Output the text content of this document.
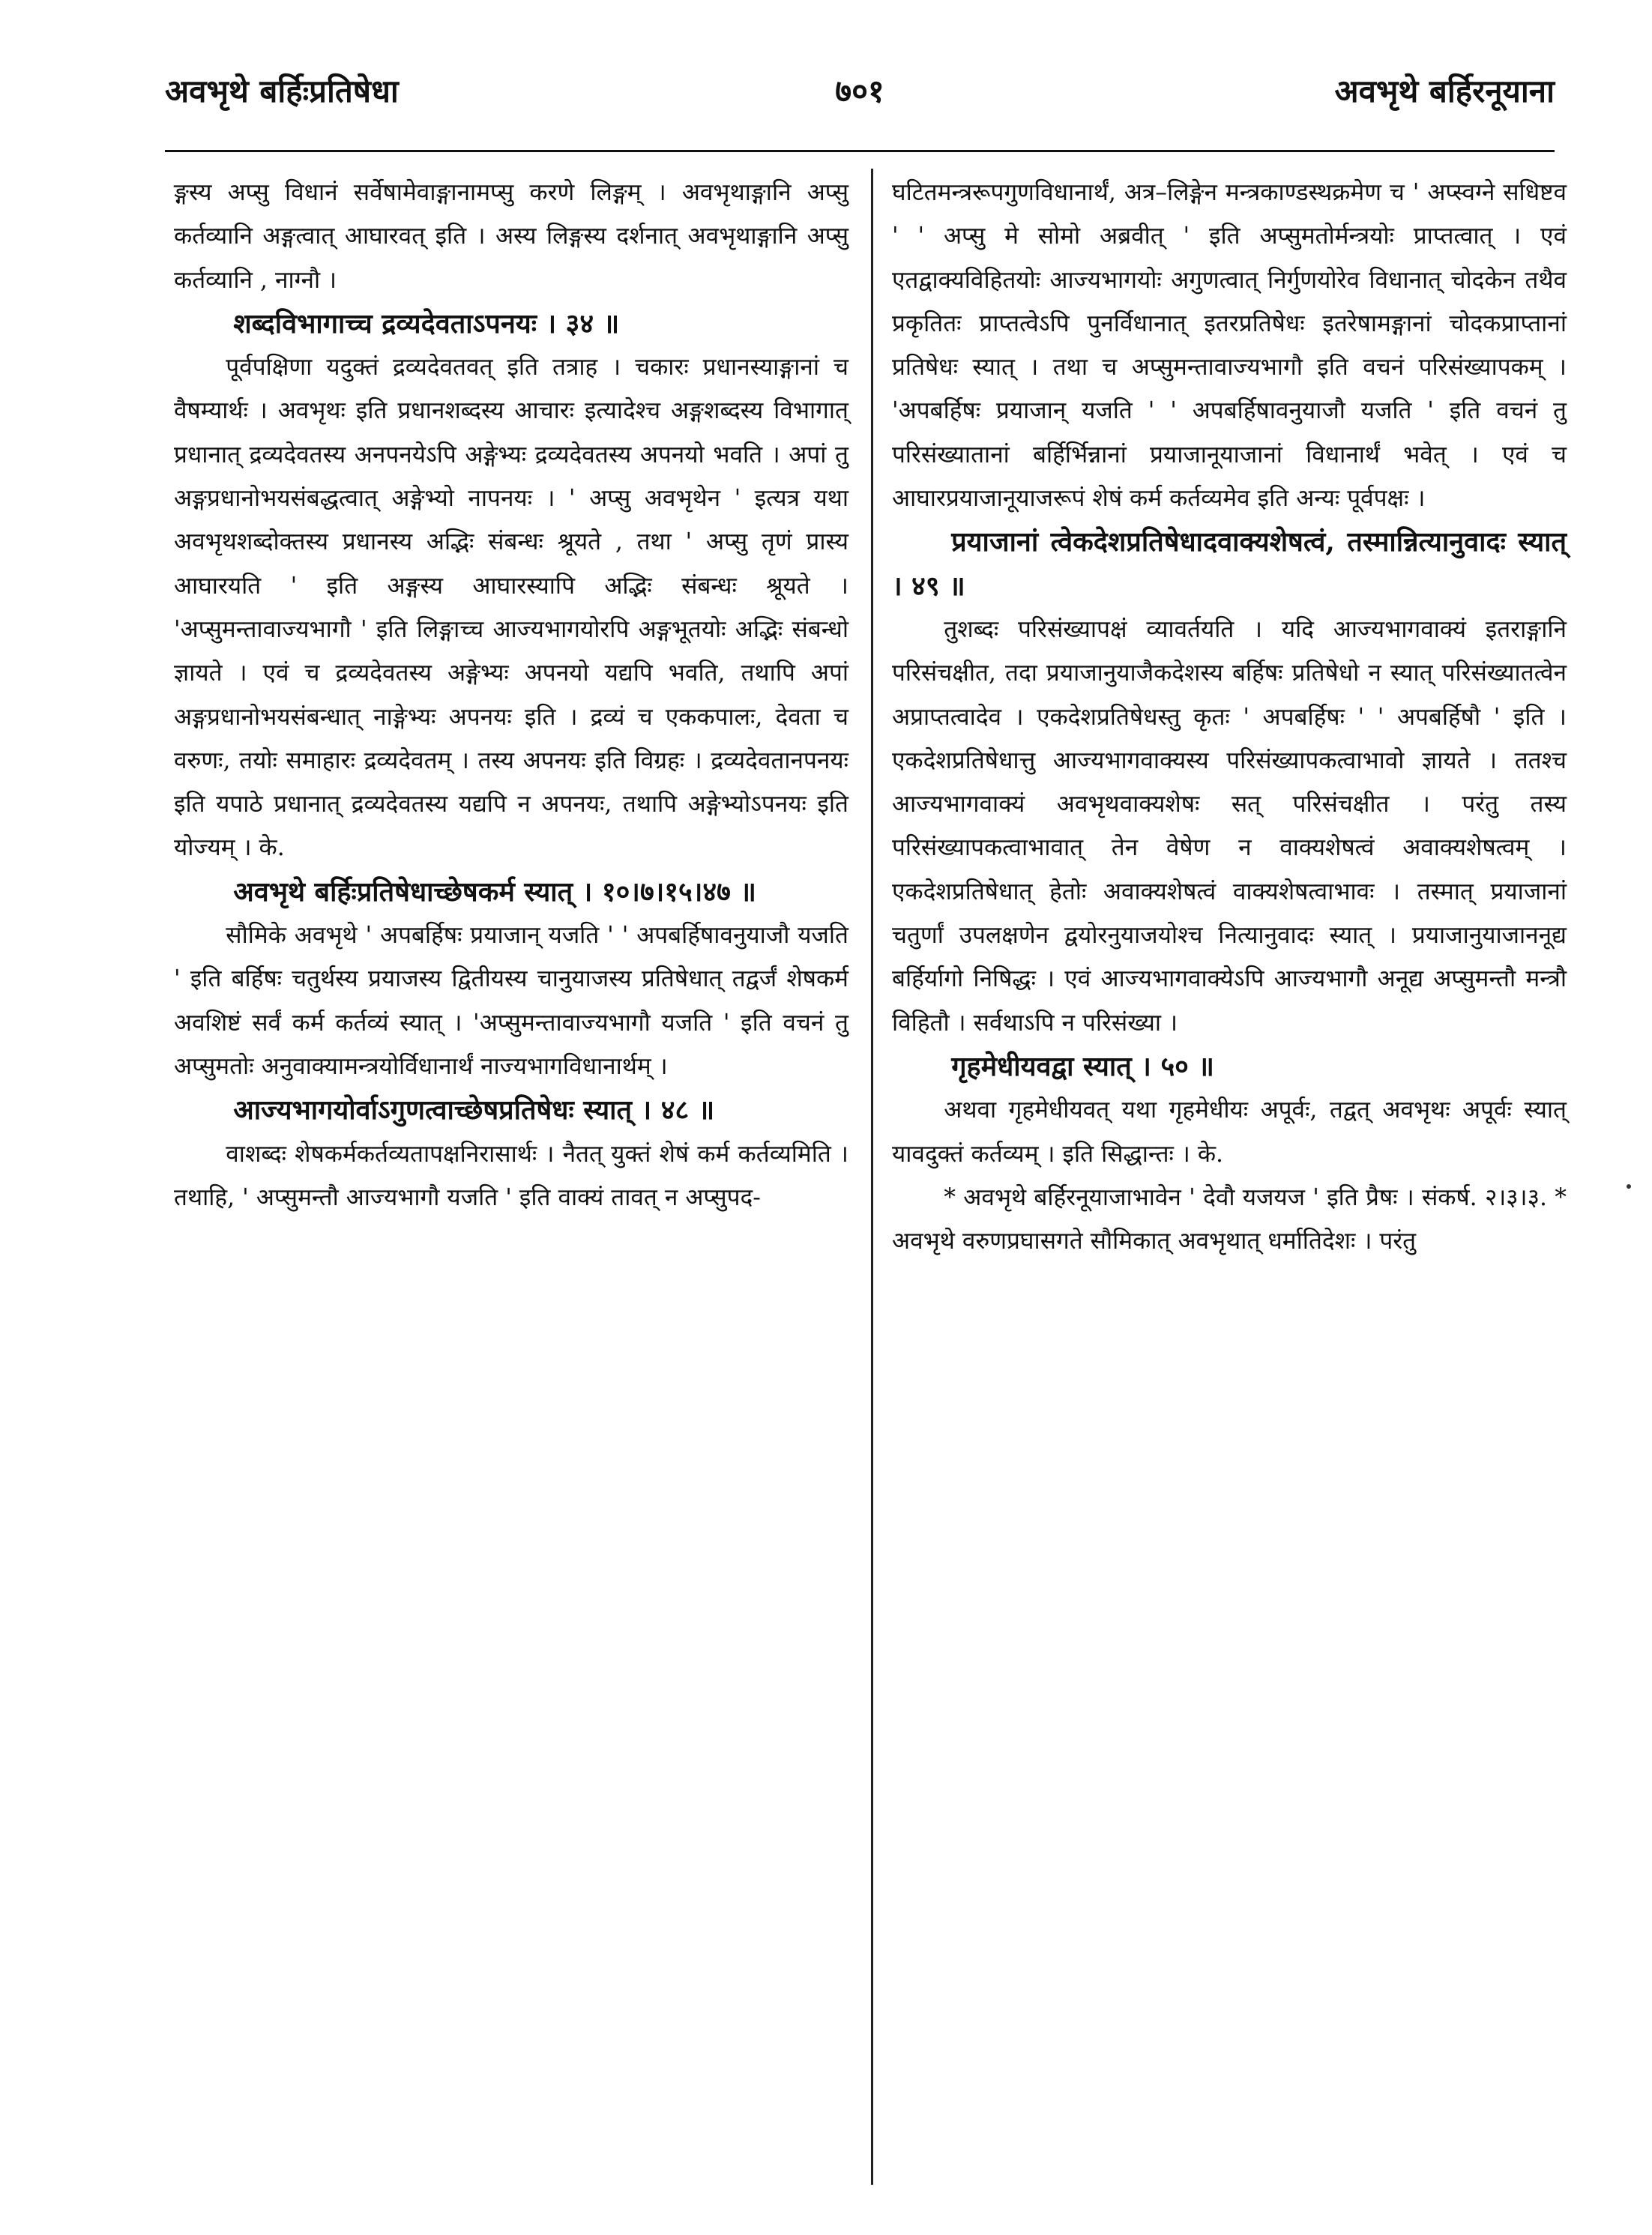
अवभृथे बर्हिःप्रतिषेधा	७०१	अवभृथे बर्हिरनूयाना

ङ्गस्य अप्सु विधानं सर्वेषामेवाङ्गानामप्सु करणे लिङ्गम् । अवभृथाङ्गानि अप्सु कर्तव्यानि अङ्गत्वात् आघारवत् इति । अस्य लिङ्गस्य दर्शनात् अवभृथाङ्गानि अप्सु कर्तव्यानि , नाग्नौ ।

शब्दविभागाच्च द्रव्यदेवताऽपनयः । ३४ ॥

पूर्वपक्षिणा यदुक्तं द्रव्यदेवतवत् इति तत्राह । चकारः प्रधानस्याङ्गानां च वैषम्यार्थः । अवभृथः इति प्रधानशब्दस्य आचारः इत्यादेश्च अङ्गशब्दस्य विभागात् प्रधानात् द्रव्यदेवतस्य अनपनयेऽपि अङ्गेभ्यः द्रव्यदेवतस्य अपनयो भवति । अपां तु अङ्गप्रधानोभयसंबद्धत्वात् अङ्गेभ्यो नापनयः । ' अप्सु अवभृथेन ' इत्यत्र यथा अवभृथशब्दोक्तस्य प्रधानस्य अद्भिः संबन्धः श्रूयते , तथा ' अप्सु तृणं प्रास्य आघारयति ' इति अङ्गस्य आघारस्यापि अद्भिः संबन्धः श्रूयते । 'अप्सुमन्तावाज्यभागौ ' इति लिङ्गाच्च आज्यभागयोरपि अङ्गभूतयोः अद्भिः संबन्धो ज्ञायते । एवं च द्रव्यदेवतस्य अङ्गेभ्यः अपनयो यद्यपि भवति, तथापि अपां अङ्गप्रधानोभयसंबन्धात् नाङ्गेभ्यः अपनयः इति । द्रव्यं च एककपालः, देवता च वरुणः, तयोः समाहारः द्रव्यदेवतम् । तस्य अपनयः इति विग्रहः । द्रव्यदेवतानपनयः इति यपाठे प्रधानात् द्रव्यदेवतस्य यद्यपि न अपनयः, तथापि अङ्गेभ्योऽपनयः इति योज्यम् । के.

अवभृथे बर्हिःप्रतिषेधाच्छेषकर्म स्यात् । १०।७।१५।४७ ॥

सौमिके अवभृथे ' अपबर्हिषः प्रयाजान् यजति ' ' अपबर्हिषावनुयाजौ यजति ' इति बर्हिषः चतुर्थस्य प्रयाजस्य द्वितीयस्य चानुयाजस्य प्रतिषेधात् तद्वर्जं शेषकर्म अवशिष्टं सर्वं कर्म कर्तव्यं स्यात् । 'अप्सुमन्तावाज्यभागौ यजति ' इति वचनं तु अप्सुमतोः अनुवाक्यामन्त्रयोर्विधानार्थं नाज्यभागविधानार्थम् ।

आज्यभागयोर्वाऽगुणत्वाच्छेषप्रतिषेधः स्यात् । ४८ ॥

वाशब्दः शेषकर्मकर्तव्यतापक्षनिरासार्थः । नैतत् युक्तं शेषं कर्म कर्तव्यमिति । तथाहि, ' अप्सुमन्तौ आज्यभागौ यजति ' इति वाक्यं तावत् न अप्सुपद-

घटितमन्त्ररूपगुणविधानार्थं, अत्र–लिङ्गेन मन्त्रकाण्डस्थक्रमेण च ' अप्स्वग्ने सधिष्टव ' ' अप्सु मे सोमो अब्रवीत् ' इति अप्सुमतोर्मन्त्रयोः प्राप्तत्वात् । एवं एतद्वाक्यविहितयोः आज्यभागयोः अगुणत्वात् निर्गुणयोरेव विधानात् चोदकेन तथैव प्रकृतितः प्राप्तत्वेऽपि पुनर्विधानात् इतरप्रतिषेधः इतरेषामङ्गानां चोदकप्राप्तानां प्रतिषेधः स्यात् । तथा च अप्सुमन्तावाज्यभागौ इति वचनं परिसंख्यापकम् । 'अपबर्हिषः प्रयाजान् यजति ' ' अपबर्हिषावनुयाजौ यजति ' इति वचनं तु परिसंख्यातानां बर्हिर्भिन्नानां प्रयाजानूयाजानां विधानार्थं भवेत् । एवं च आघारप्रयाजानूयाजरूपं शेषं कर्म कर्तव्यमेव इति अन्यः पूर्वपक्षः ।

प्रयाजानां त्वेकदेशप्रतिषेधादवाक्यशेषत्वं, तस्मान्नित्यानुवादः स्यात् । ४९ ॥

तुशब्दः परिसंख्यापक्षं व्यावर्तयति । यदि आज्यभागवाक्यं इतराङ्गानि परिसंचक्षीत, तदा प्रयाजानुयाजैकदेशस्य बर्हिषः प्रतिषेधो न स्यात् परिसंख्यातत्वेन अप्राप्तत्वादेव । एकदेशप्रतिषेधस्तु कृतः ' अपबर्हिषः ' ' अपबर्हिषौ ' इति । एकदेशप्रतिषेधात्तु आज्यभागवाक्यस्य परिसंख्यापकत्वाभावो ज्ञायते । ततश्च आज्यभागवाक्यं अवभृथवाक्यशेषः सत् परिसंचक्षीत । परंतु तस्य परिसंख्यापकत्वाभावात् तेन वेषेण न वाक्यशेषत्वं अवाक्यशेषत्वम् । एकदेशप्रतिषेधात् हेतोः अवाक्यशेषत्वं वाक्यशेषत्वाभावः । तस्मात् प्रयाजानां चतुर्णां उपलक्षणेन द्वयोरनुयाजयोश्च नित्यानुवादः स्यात् । प्रयाजानुयाजाननूद्य बर्हिर्यागो निषिद्धः । एवं आज्यभागवाक्येऽपि आज्यभागौ अनूद्य अप्सुमन्तौ मन्त्रौ विहितौ । सर्वथाऽपि न परिसंख्या ।

गृहमेधीयवद्वा स्यात् । ५० ॥

अथवा गृहमेधीयवत् यथा गृहमेधीयः अपूर्वः, तद्वत् अवभृथः अपूर्वः स्यात् यावदुक्तं कर्तव्यम् । इति सिद्धान्तः । के.

* अवभृथे बर्हिरनूयाजाभावेन ' देवौ यजयज ' इति प्रैषः । संकर्ष. २।३।३. * अवभृथे वरुणप्रघासगते सौमिकात् अवभृथात् धर्मातिदेशः । परंतु
